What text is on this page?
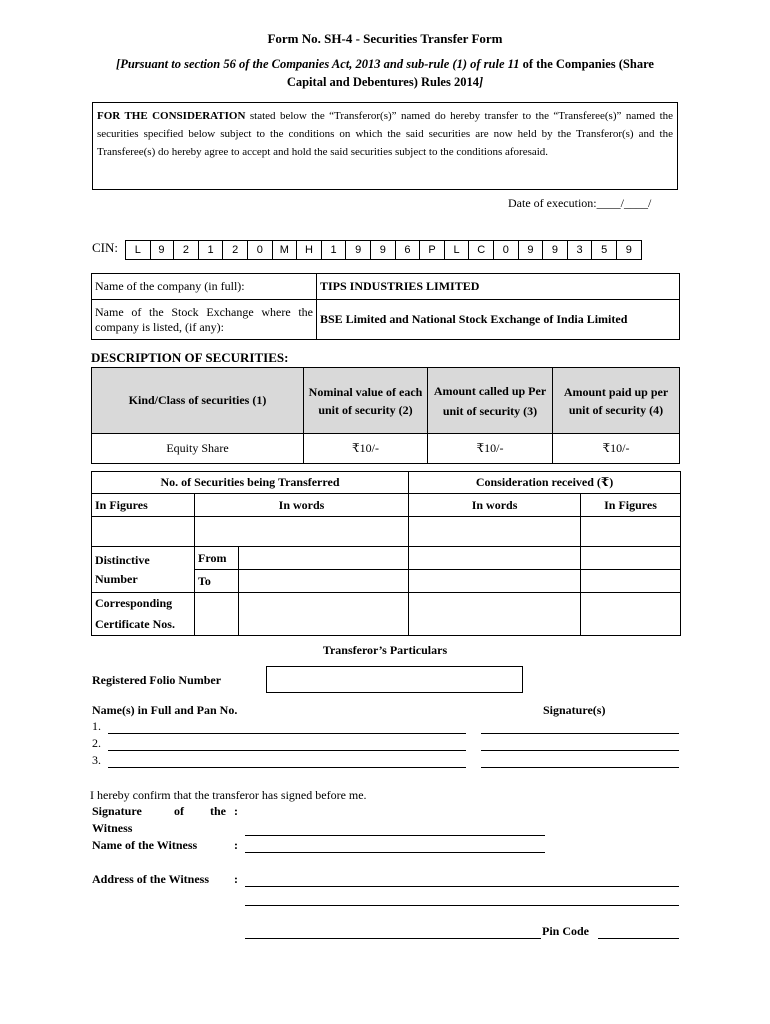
Form No. SH-4 - Securities Transfer Form
[Pursuant to section 56 of the Companies Act, 2013 and sub-rule (1) of rule 11 of the Companies (Share Capital and Debentures) Rules 2014]
FOR THE CONSIDERATION stated below the “Transferor(s)” named do hereby transfer to the “Transferee(s)” named the securities specified below subject to the conditions on which the said securities are now held by the Transferor(s) and the Transferee(s) do hereby agree to accept and hold the said securities subject to the conditions aforesaid.
Date of execution:____/____/
CIN:	L	9	2	1	2	0	M	H	1	9	9	6	P	L	C	0	9	9	3	5	9
Name of the company (in full):	TIPS INDUSTRIES LIMITED
Name of the Stock Exchange where the company is listed, (if any):	BSE Limited and National Stock Exchange of India Limited
DESCRIPTION OF SECURITIES:
Kind/Class of securities (1)	Nominal value of each unit of security (2)	Amount called up Per unit of security (3)	Amount paid up per unit of security (4)
Equity Share	₹10/-	₹10/-	₹10/-
No. of Securities being Transferred			Consideration received (₹)	
In Figures	In words		In words	In Figures

Distinctive Number	From			
	To			
Corresponding Certificate Nos.				
Transferor’s Particulars
Registered Folio Number
Name(s) in Full and Pan No.	Signature(s)
1.
2.
3.
I hereby confirm that the transferor has signed before me.
Signature	of the :
Witness
Name of the Witness	:
Address of the Witness :
Pin Code
